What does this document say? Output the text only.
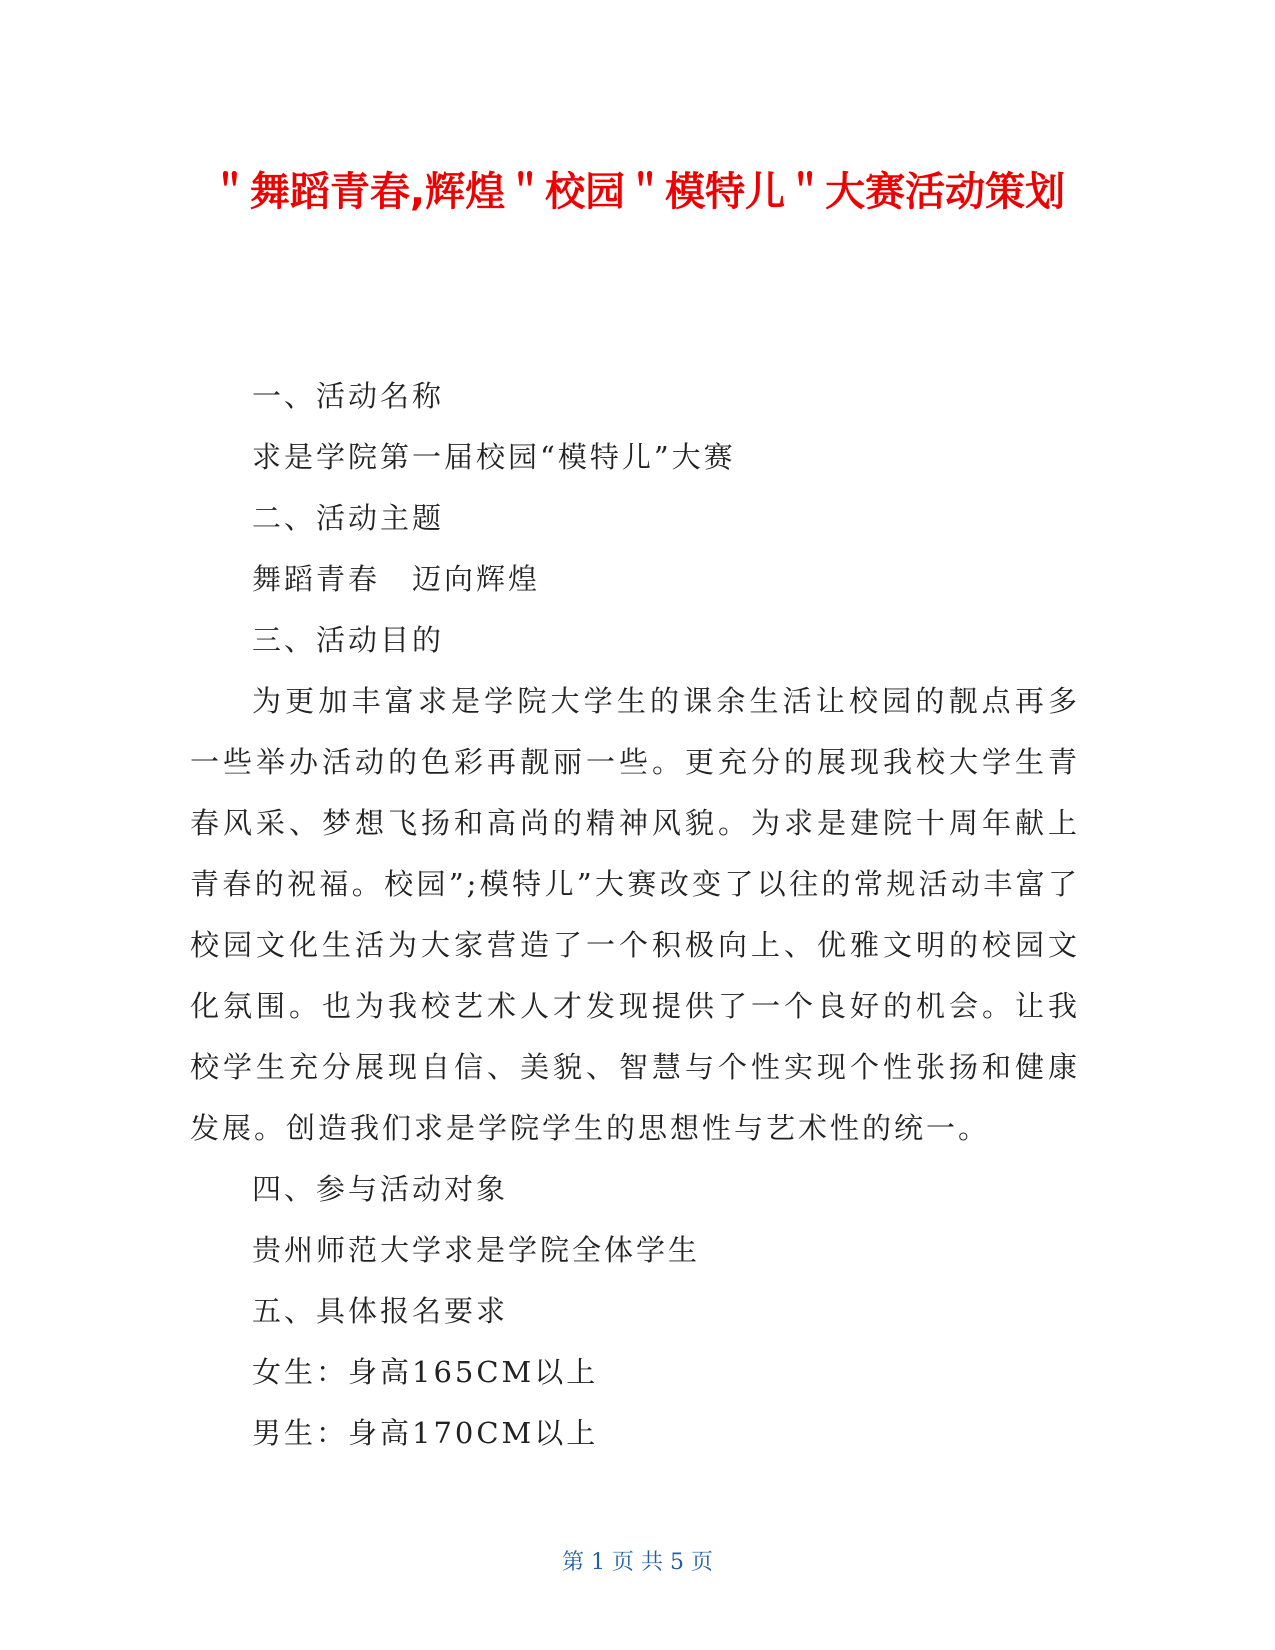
＂舞蹈青春,辉煌＂校园＂模特儿＂大赛活动策划

一、活动名称

求是学院第一届校园“模特儿”大赛

二、活动主题

舞蹈青春　迈向辉煌

三、活动目的

为更加丰富求是学院大学生的课余生活让校园的靓点再多一些举办活动的色彩再靓丽一些。更充分的展现我校大学生青春风采、梦想飞扬和高尚的精神风貌。为求是建院十周年献上青春的祝福。校园”;模特儿”大赛改变了以往的常规活动丰富了校园文化生活为大家营造了一个积极向上、优雅文明的校园文化氛围。也为我校艺术人才发现提供了一个良好的机会。让我校学生充分展现自信、美貌、智慧与个性实现个性张扬和健康发展。创造我们求是学院学生的思想性与艺术性的统一。

四、参与活动对象

贵州师范大学求是学院全体学生

五、具体报名要求

女生：身高165CM以上

男生：身高170CM以上

第 1 页 共 5 页
